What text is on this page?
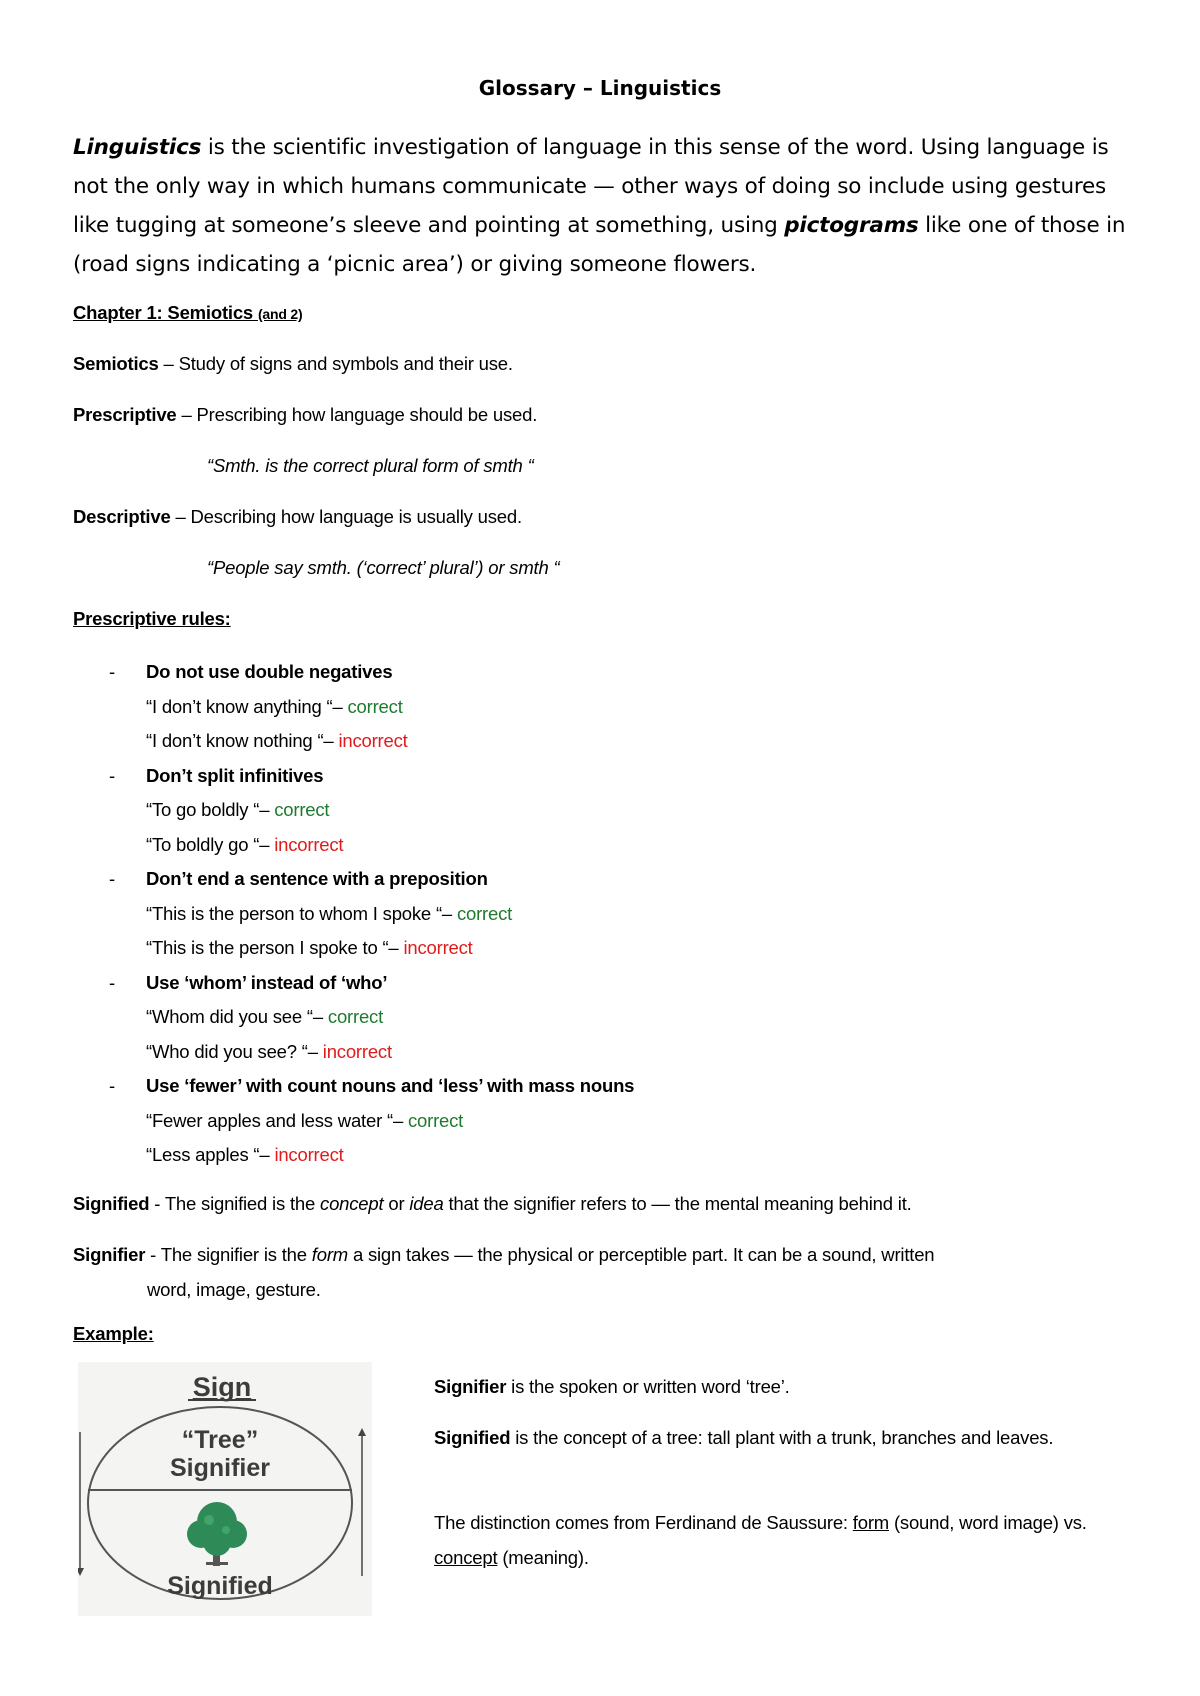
Glossary – Linguistics
Linguistics is the scientific investigation of language in this sense of the word. Using language is not the only way in which humans communicate — other ways of doing so include using gestures like tugging at someone’s sleeve and pointing at something, using pictograms like one of those in (road signs indicating a ‘picnic area’) or giving someone flowers.
Chapter 1: Semiotics (and 2)
Semiotics – Study of signs and symbols and their use.
Prescriptive – Prescribing how language should be used.
“Smth. is the correct plural form of smth “
Descriptive – Describing how language is usually used.
“People say smth. (‘correct’ plural’) or smth “
Prescriptive rules:
-	Do not use double negatives
“I don’t know anything “– correct
“I don’t know nothing “– incorrect
-	Don’t split infinitives
“To go boldly “– correct
“To boldly go “– incorrect
-	Don’t end a sentence with a preposition
“This is the person to whom I spoke “– correct
“This is the person I spoke to “– incorrect
-	Use ‘whom’ instead of ‘who’
“Whom did you see “– correct
“Who did you see? “– incorrect
-	Use ‘fewer’ with count nouns and ‘less’ with mass nouns
“Fewer apples and less water “– correct
“Less apples “– incorrect
Signified - The signified is the concept or idea that the signifier refers to — the mental meaning behind it.
Signifier - The signifier is the form a sign takes — the physical or perceptible part. It can be a sound, written
word, image, gesture.
Example:
Sign
“Tree”
Signifier
Signified
Signifier is the spoken or written word ‘tree’.
Signified is the concept of a tree: tall plant with a trunk, branches and leaves.
The distinction comes from Ferdinand de Saussure: form (sound, word image) vs. concept (meaning).
